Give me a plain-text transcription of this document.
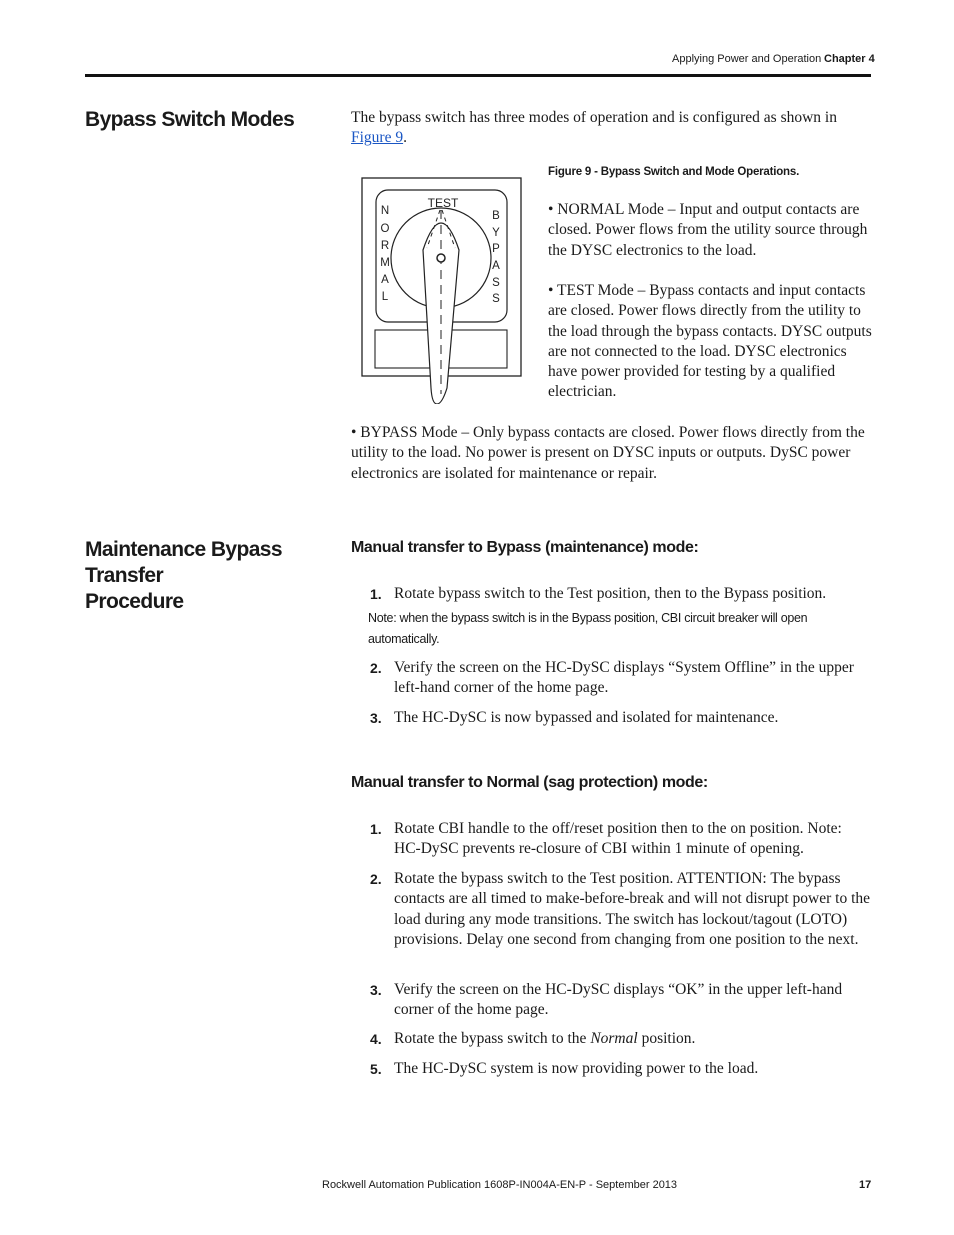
Applying Power and Operation Chapter 4
Bypass Switch Modes	The bypass switch has three modes of operation and is configured as shown in Figure 9.

Figure 9 - Bypass Switch and Mode Operations.
TEST
N
O
R
M
A
L
B
Y
P
A
S
S

• NORMAL Mode – Input and output contacts are closed. Power flows from the utility source through the DYSC electronics to the load.

• TEST Mode – Bypass contacts and input contacts are closed. Power flows directly from the utility to the load through the bypass contacts. DYSC outputs are not connected to the load. DYSC electronics have power provided for testing by a qualified electrician.

• BYPASS Mode – Only bypass contacts are closed. Power flows directly from the utility to the load. No power is present on DYSC inputs or outputs. DySC power electronics are isolated for maintenance or repair.

Maintenance Bypass Transfer
Procedure
Manual transfer to Bypass (maintenance) mode:
1. Rotate bypass switch to the Test position, then to the Bypass position.
Note: when the bypass switch is in the Bypass position, CBI circuit breaker will open automatically.
2. Verify the screen on the HC-DySC displays “System Offline” in the upper left-hand corner of the home page.
3. The HC-DySC is now bypassed and isolated for maintenance.
Manual transfer to Normal (sag protection) mode:
1. Rotate CBI handle to the off/reset position then to the on position. Note: HC-DySC prevents re-closure of CBI within 1 minute of opening.
2. Rotate the bypass switch to the Test position. ATTENTION: The bypass contacts are all timed to make-before-break and will not disrupt power to the load during any mode transitions. The switch has lockout/tagout (LOTO) provisions. Delay one second from changing from one position to the next.
3. Verify the screen on the HC-DySC displays “OK” in the upper left-hand corner of the home page.
4. Rotate the bypass switch to the Normal position.
5. The HC-DySC system is now providing power to the load.
Rockwell Automation Publication 1608P-IN004A-EN-P - September 2013	17
